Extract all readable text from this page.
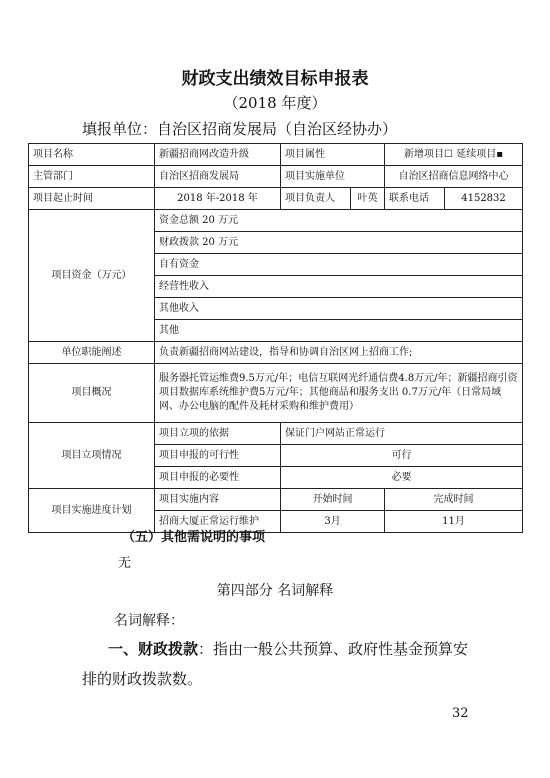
财政支出绩效目标申报表
（2018 年度）
填报单位：自治区招商发展局（自治区经协办）
项目名称	新疆招商网改造升级	项目属性		新增项目☐ 延续项目▪	
主管部门	自治区招商发展局	项目实施单位		自治区招商信息网络中心	
项目起止时间	2018 年-2018 年	项目负责人	叶英	联系电话	4152832
项目资金（万元）	资金总额 20 万元				
	财政拨款 20 万元				
	自有资金				
	经营性收入				
	其他收入				
	其他				
单位职能阐述	负责新疆招商网站建设，指导和协调自治区网上招商工作;				
项目概况	服务器托管运维费9.5万元/年；电信互联网光纤通信费4.8万元/年；新疆招商引资项目数据库系统维护费5万元/年；其他商品和服务支出 0.7万元/年（日常局域网、办公电脑的配件及耗材采购和维护费用）				
项目立项情况	项目立项的依据	保证门户网站正常运行			
	项目申报的可行性	可行			
	项目申报的必要性	必要			
项目实施进度计划	项目实施内容	开始时间		完成时间	
	招商大厦正常运行维护	3月		11月	
（五）其他需说明的事项
无
第四部分 名词解释
名词解释：
一、财政拨款：指由一般公共预算、政府性基金预算安
排的财政拨款数。
32
